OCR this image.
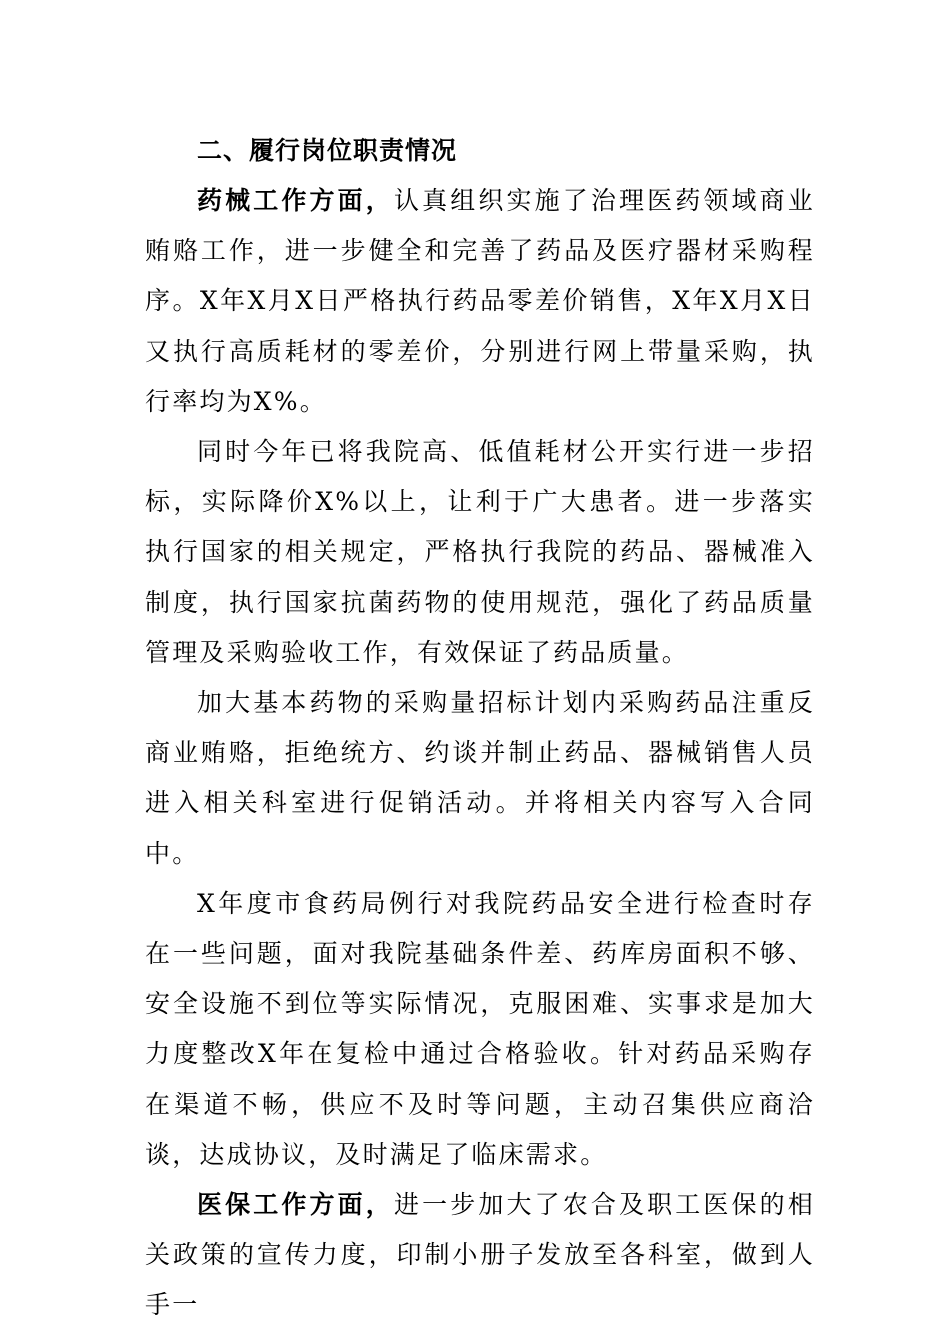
二、履行岗位职责情况

药械工作方面，认真组织实施了治理医药领域商业贿赂工作，进一步健全和完善了药品及医疗器材采购程序。X年X月X日严格执行药品零差价销售，X年X月X日又执行高质耗材的零差价，分别进行网上带量采购，执行率均为X%。

同时今年已将我院高、低值耗材公开实行进一步招标，实际降价X%以上，让利于广大患者。进一步落实执行国家的相关规定，严格执行我院的药品、器械准入制度，执行国家抗菌药物的使用规范，强化了药品质量管理及采购验收工作，有效保证了药品质量。

加大基本药物的采购量招标计划内采购药品注重反商业贿赂，拒绝统方、约谈并制止药品、器械销售人员进入相关科室进行促销活动。并将相关内容写入合同中。

X年度市食药局例行对我院药品安全进行检查时存在一些问题，面对我院基础条件差、药库房面积不够、安全设施不到位等实际情况，克服困难、实事求是加大力度整改X年在复检中通过合格验收。针对药品采购存在渠道不畅，供应不及时等问题，主动召集供应商洽谈，达成协议，及时满足了临床需求。

医保工作方面，进一步加大了农合及职工医保的相关政策的宣传力度，印制小册子发放至各科室，做到人手一
